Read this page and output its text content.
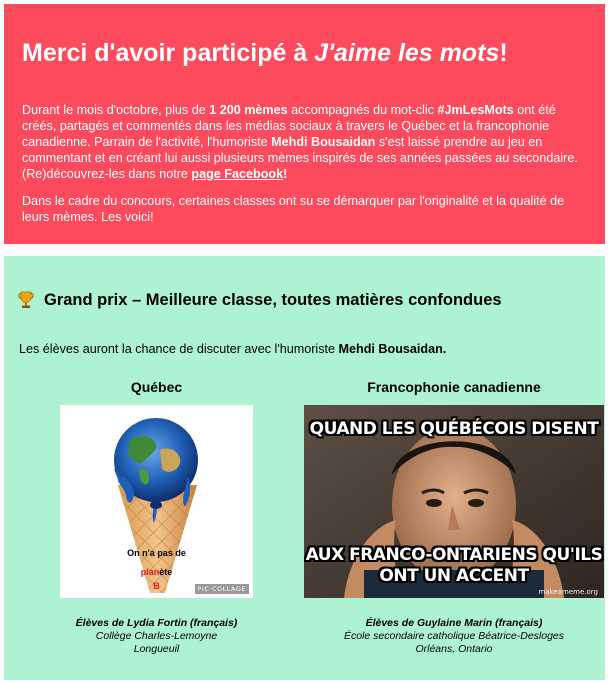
Merci d'avoir participé à J'aime les mots!

Durant le mois d'octobre, plus de 1 200 mèmes accompagnés du mot-clic #JmLesMots ont été créés, partagés et commentés dans les médias sociaux à travers le Québec et la francophonie canadienne. Parrain de l'activité, l'humoriste Mehdi Bousaidan s'est laissé prendre au jeu en commentant et en créant lui aussi plusieurs mèmes inspirés de ses années passées au secondaire. (Re)découvrez-les dans notre page Facebook!

Dans le cadre du concours, certaines classes ont su se démarquer par l'originalité et la qualité de leurs mèmes. Les voici!

Grand prix – Meilleure classe, toutes matières confondues
Les élèves auront la chance de discuter avec l'humoriste Mehdi Bousaidan.
Québec	Francophonie canadienne
On n'a pas de
planète
B	PIC·COLLAGE
QUAND LES QUÉBÉCOIS DISENT
AUX FRANCO-ONTARIENS QU'ILS ONT UN ACCENT
makeameme.org
Élèves de Lydia Fortin (français)
Collège Charles-Lemoyne
Longueuil
Élèves de Guylaine Marin (français)
École secondaire catholique Béatrice-Desloges
Orléans, Ontario
